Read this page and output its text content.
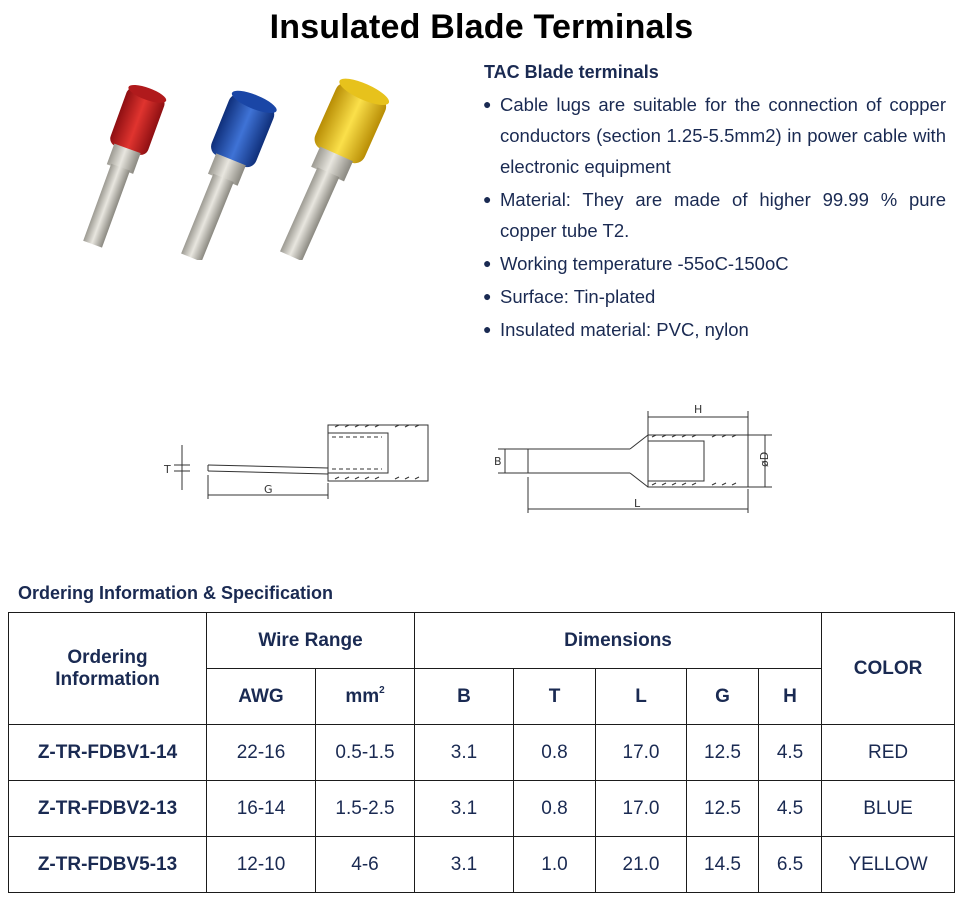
Insulated Blade Terminals
TAC Blade terminals
● Cable lugs are suitable for the connection of copper conductors (section 1.25-5.5mm2) in power cable with electronic equipment
● Material: They are made of higher 99.99 % pure copper tube T2.
● Working temperature -55oC-150oC
● Surface: Tin-plated
● Insulated material: PVC, nylon
T
G
H
B	øD
L
Ordering Information & Specification
Ordering Information	Wire Range		Dimensions					COLOR
	AWG	$mm^2$	B	T	L	G	H	
Z-TR-FDBV1-14	22-16	0.5-1.5	3.1	0.8	17.0	12.5	4.5	RED
Z-TR-FDBV2-13	16-14	1.5-2.5	3.1	0.8	17.0	12.5	4.5	BLUE
Z-TR-FDBV5-13	12-10	4-6	3.1	1.0	21.0	14.5	6.5	YELLOW
